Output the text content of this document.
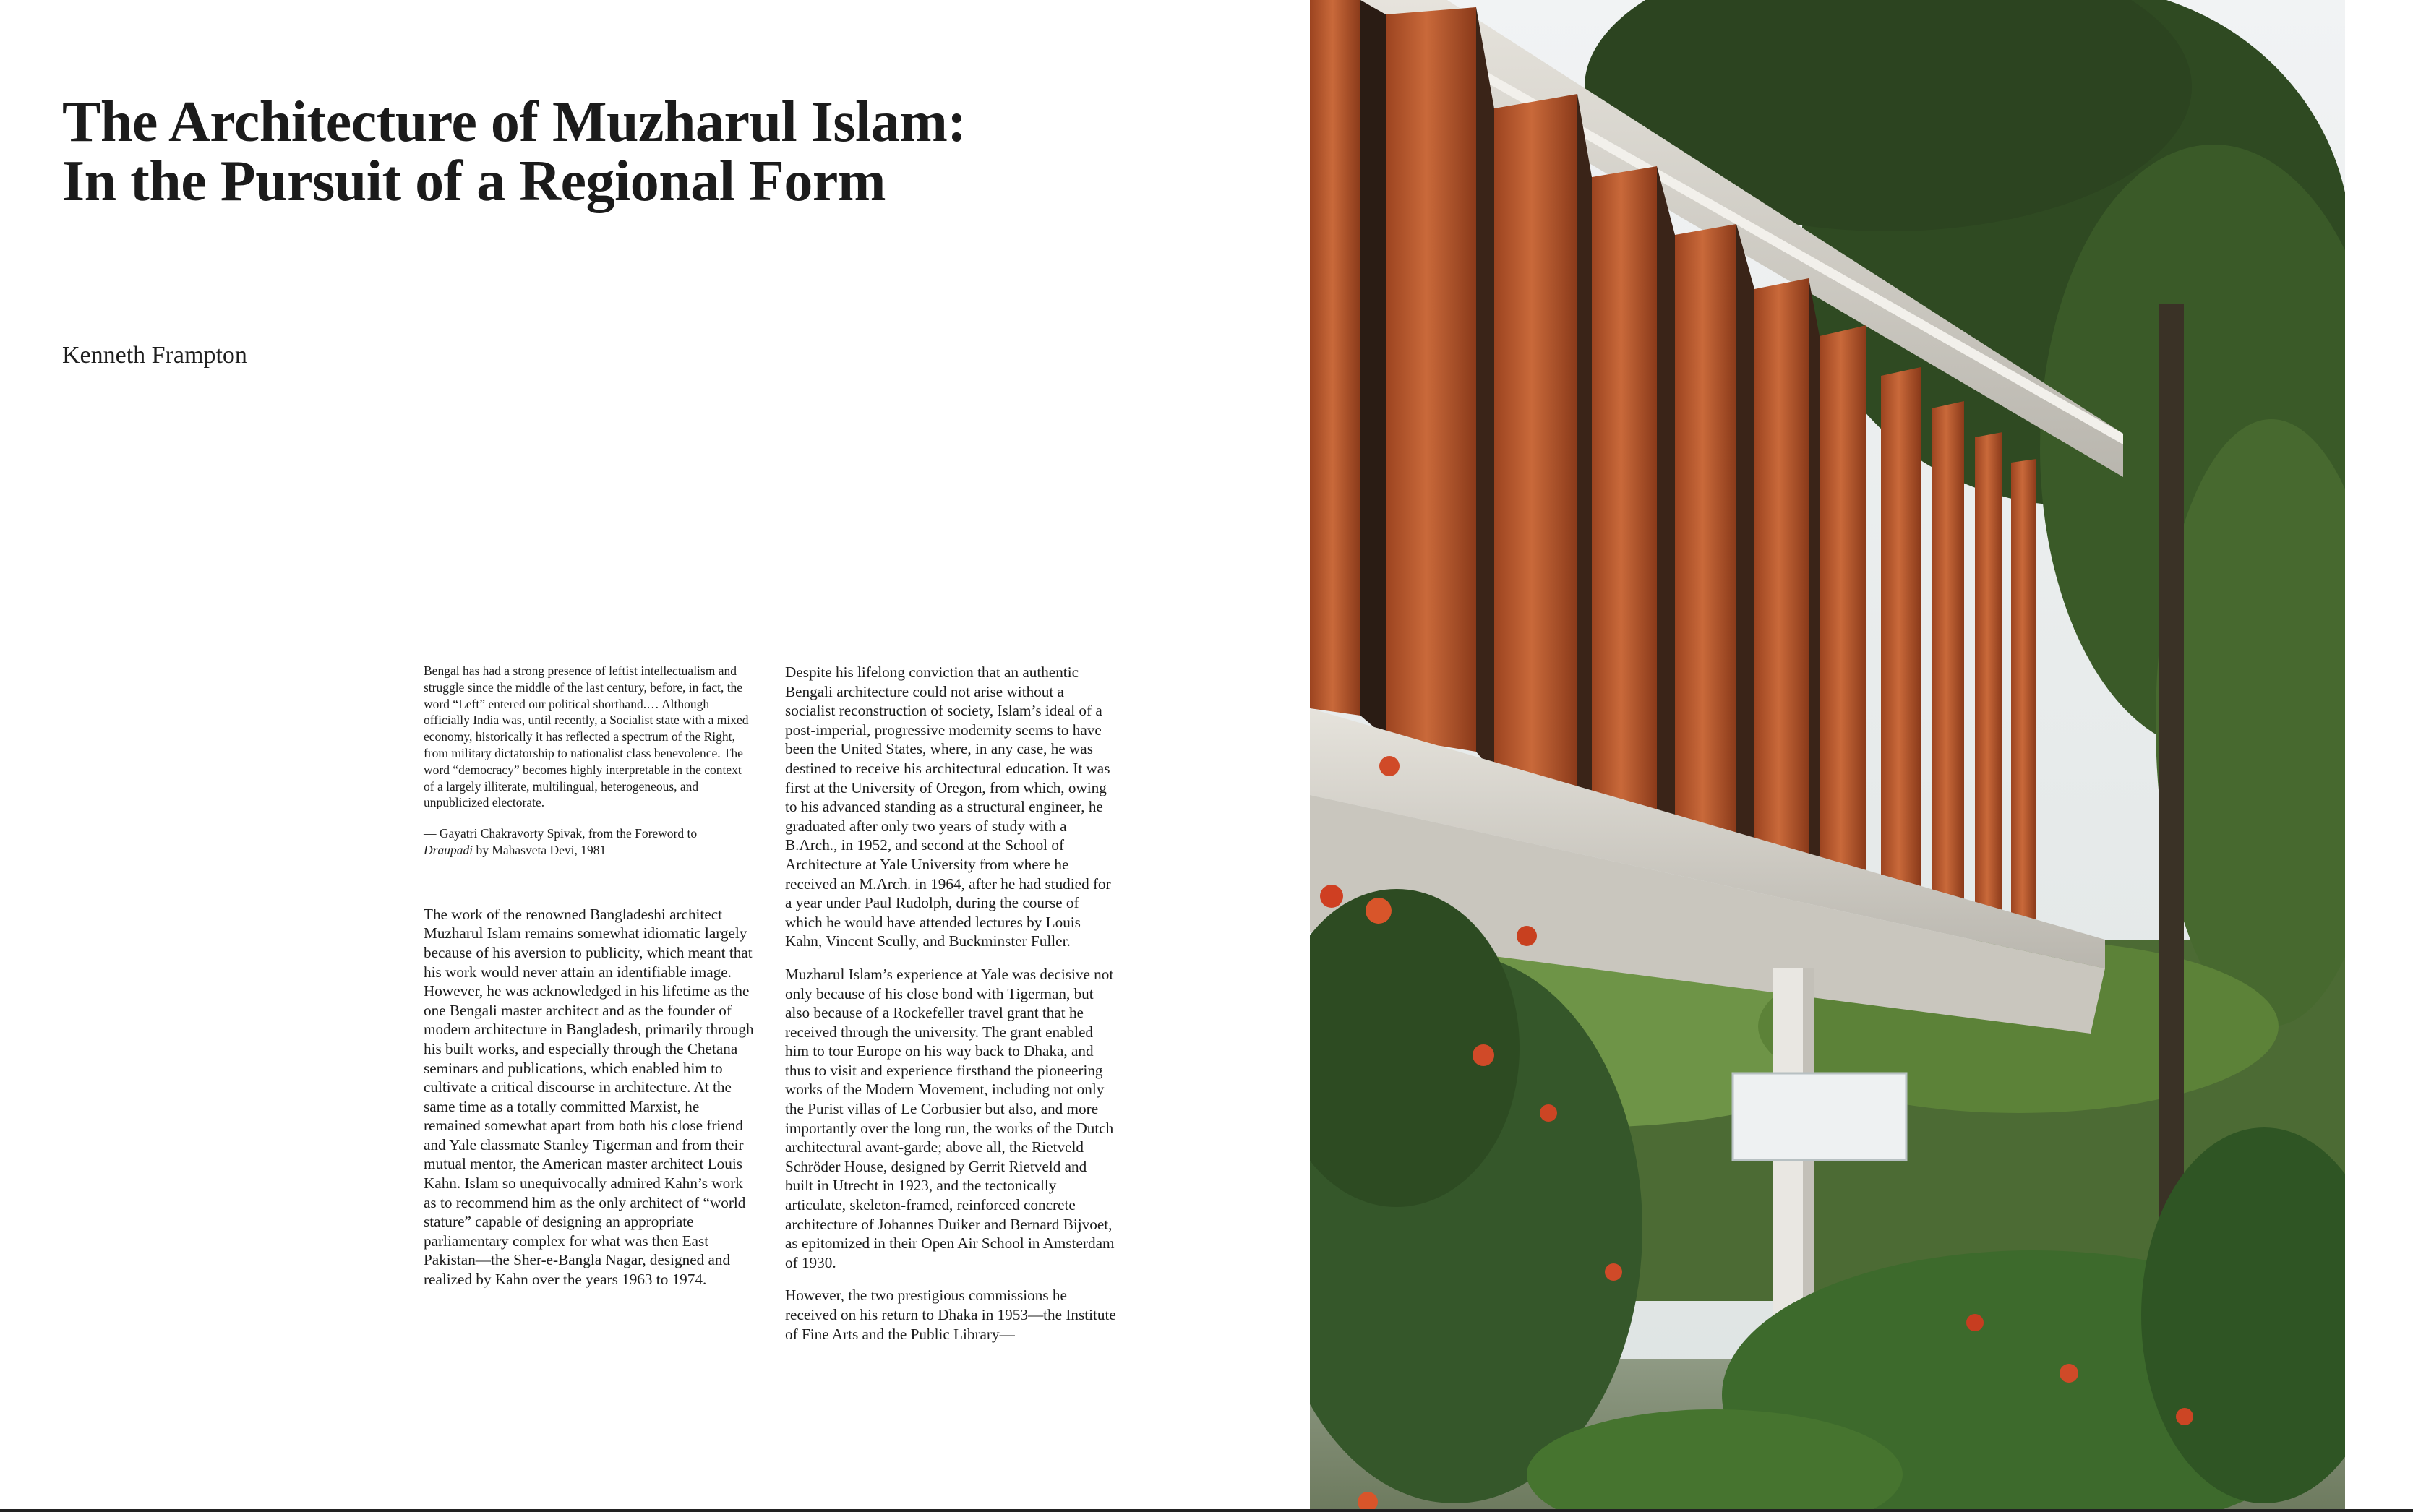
The Architecture of Muzharul Islam:
In the Pursuit of a Regional Form

Kenneth Frampton

Bengal has had a strong presence of leftist intellectualism and struggle since the middle of the last century, before, in fact, the word “Left” entered our political shorthand.… Although officially India was, until recently, a Socialist state with a mixed economy, historically it has reflected a spectrum of the Right, from military dictatorship to nationalist class benevolence. The word “democracy” becomes highly interpretable in the context of a largely illiterate, multilingual, heterogeneous, and unpublicized electorate.

— Gayatri Chakravorty Spivak, from the Foreword to
Draupadi by Mahasveta Devi, 1981

The work of the renowned Bangladeshi architect Muzharul Islam remains somewhat idiomatic largely because of his aversion to publicity, which meant that his work would never attain an identifiable image. However, he was acknowledged in his lifetime as the one Bengali master architect and as the founder of modern architecture in Bangladesh, primarily through his built works, and especially through the Chetana seminars and publications, which enabled him to cultivate a critical discourse in architecture. At the same time as a totally committed Marxist, he remained somewhat apart from both his close friend and Yale classmate Stanley Tigerman and from their mutual mentor, the American master architect Louis Kahn. Islam so unequivocally admired Kahn’s work as to recommend him as the only architect of “world stature” capable of designing an appropriate parliamentary complex for what was then East Pakistan—the Sher-e-Bangla Nagar, designed and realized by Kahn over the years 1963 to 1974.

Despite his lifelong conviction that an authentic Bengali architecture could not arise without a socialist reconstruction of society, Islam’s ideal of a post-imperial, progressive modernity seems to have been the United States, where, in any case, he was destined to receive his architectural education. It was first at the University of Oregon, from which, owing to his advanced standing as a structural engineer, he graduated after only two years of study with a B.Arch., in 1952, and second at the School of Architecture at Yale University from where he received an M.Arch. in 1964, after he had studied for a year under Paul Rudolph, during the course of which he would have attended lectures by Louis Kahn, Vincent Scully, and Buckminster Fuller.

Muzharul Islam’s experience at Yale was decisive not only because of his close bond with Tigerman, but also because of a Rockefeller travel grant that he received through the university. The grant enabled him to tour Europe on his way back to Dhaka, and thus to visit and experience firsthand the pioneering works of the Modern Movement, including not only the Purist villas of Le Corbusier but also, and more importantly over the long run, the works of the Dutch architectural avant-garde; above all, the Rietveld Schröder House, designed by Gerrit Rietveld and built in Utrecht in 1923, and the tectonically articulate, skeleton-framed, reinforced concrete architecture of Johannes Duiker and Bernard Bijvoet, as epitomized in their Open Air School in Amsterdam of 1930.

However, the two prestigious commissions he received on his return to Dhaka in 1953—the Institute of Fine Arts and the Public Library—
